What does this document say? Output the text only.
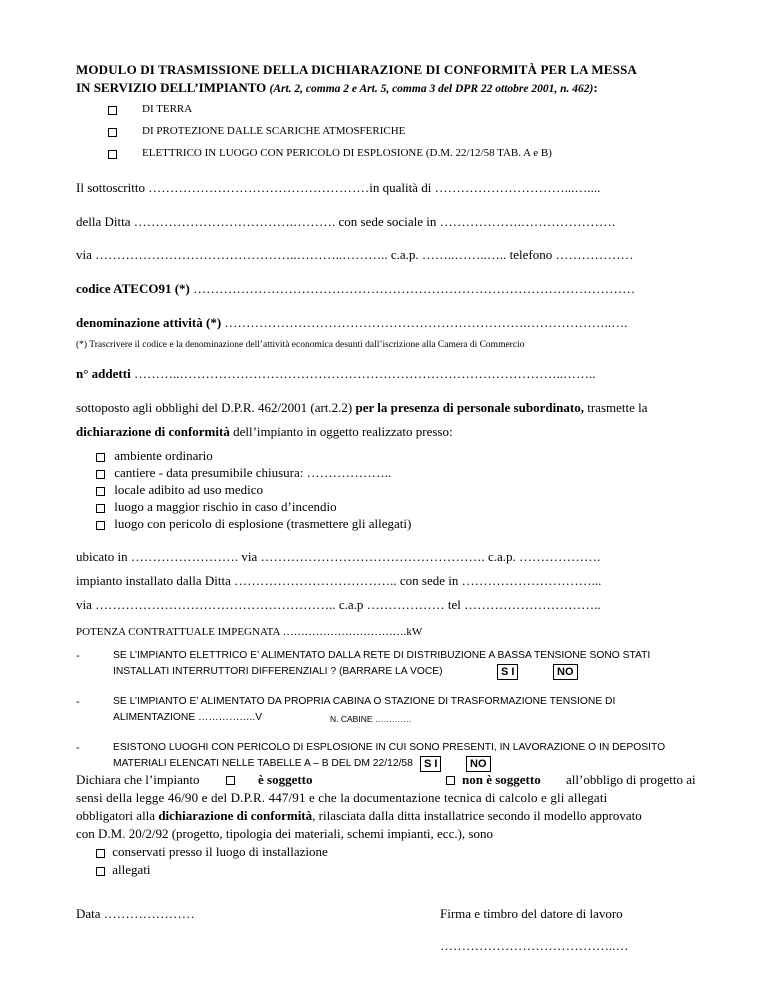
MODULO DI TRASMISSIONE DELLA DICHIARAZIONE DI CONFORMITÀ PER LA MESSA
IN SERVIZIO DELL’IMPIANTO (Art. 2, comma 2 e Art. 5, comma 3 del DPR 22 ottobre 2001, n. 462):
DI TERRA
DI PROTEZIONE DALLE SCARICHE ATMOSFERICHE
ELETTRICO IN LUOGO CON PERICOLO DI ESPLOSIONE (D.M. 22/12/58 TAB. A e B)
Il sottoscritto ……………………………………………in qualità di …………………………...…....
della Ditta ……………………………….………. con sede sociale in ……………….………………….
via ………………………………………..………..……….. c.a.p. ……..……..….. telefono ………………
codice ATECO91 (*) …………………………………………………………………………………………
denominazione attività (*) …………………………………………………………….………………..….
(*) Trascrivere il codice e la denominazione dell’attività economica desunti dall’iscrizione alla Camera di Commercio
n° addetti ………..……………………………………………………………………………..……..
sottoposto agli obblighi del D.P.R. 462/2001 (art.2.2) per la presenza di personale subordinato, trasmette la
dichiarazione di conformità dell’impianto in oggetto realizzato presso:
ambiente ordinario
cantiere - data presumibile chiusura: ………………..
locale adibito ad uso medico
luogo a maggior rischio in caso d’incendio
luogo con pericolo di esplosione (trasmettere gli allegati)
ubicato in ……………………. via ……………………………………………. c.a.p. ……………….
impianto installato dalla Ditta ……………………………….. con sede in …………………………...
via ……………………………………………….. c.a.p ……………… tel …………………………..
POTENZA CONTRATTUALE IMPEGNATA …………………………….kW
-	SE L’IMPIANTO ELETTRICO E’ ALIMENTATO DALLA RETE DI DISTRIBUZIONE A BASSA TENSIONE SONO STATI
INSTALLATI INTERRUTTORI DIFFERENZIALI ? (BARRARE LA VOCE)	S I	NO
-	SE L’IMPIANTO E’ ALIMENTATO DA PROPRIA CABINA O STAZIONE DI TRASFORMAZIONE TENSIONE DI
ALIMENTAZIONE ……………..V	N. CABINE ………….
-	ESISTONO LUOGHI CON PERICOLO DI ESPLOSIONE IN CUI SONO PRESENTI, IN LAVORAZIONE O IN DEPOSITO
MATERIALI ELENCATI NELLE TABELLE A – B DEL DM 22/12/58	S I	NO
Dichiara che l’impianto	è soggetto	non è soggetto all’obbligo di progetto ai
sensi della legge 46/90 e del D.P.R. 447/91 e che la documentazione tecnica di calcolo e gli allegati
obbligatori alla dichiarazione di conformità, rilasciata dalla ditta installatrice secondo il modello approvato
con D.M. 20/2/92 (progetto, tipologia dei materiali, schemi impianti, ecc.), sono
conservati presso il luogo di installazione
allegati
Data …………………	Firma e timbro del datore di lavoro
…………………………………..…
